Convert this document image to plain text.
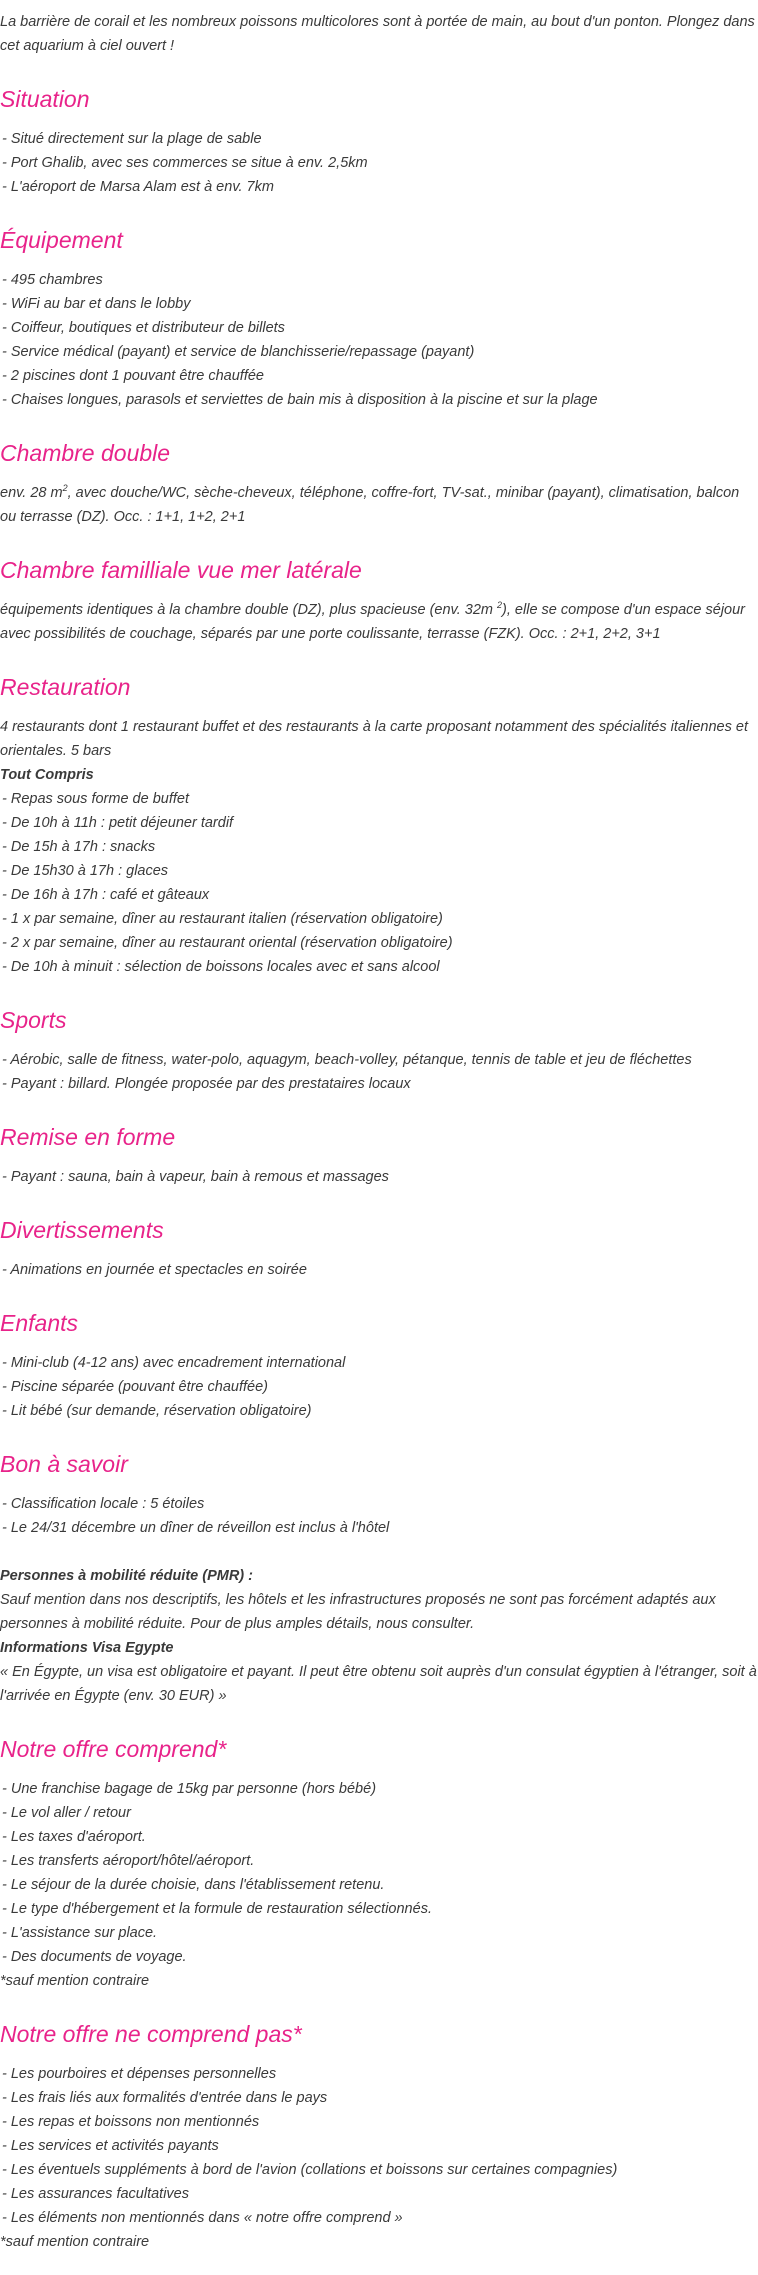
La barrière de corail et les nombreux poissons multicolores sont à portée de main, au bout d'un ponton. Plongez dans cet aquarium à ciel ouvert !

Situation

- Situé directement sur la plage de sable

- Port Ghalib, avec ses commerces se situe à env. 2,5km

- L'aéroport de Marsa Alam est à env. 7km

Équipement

- 495 chambres

- WiFi au bar et dans le lobby

- Coiffeur, boutiques et distributeur de billets

- Service médical (payant) et service de blanchisserie/repassage (payant)

- 2 piscines dont 1 pouvant être chauffée

- Chaises longues, parasols et serviettes de bain mis à disposition à la piscine et sur la plage

Chambre double

env. 28 $m^2$, avec douche/WC, sèche-cheveux, téléphone, coffre-fort, TV-sat., minibar (payant), climatisation, balcon ou terrasse (DZ). Occ. : 1+1, 1+2, 2+1

Chambre familliale vue mer latérale

équipements identiques à la chambre double (DZ), plus spacieuse (env. 32m $^2$), elle se compose d'un espace séjour avec possibilités de couchage, séparés par une porte coulissante, terrasse (FZK). Occ. : 2+1, 2+2, 3+1

Restauration

4 restaurants dont 1 restaurant buffet et des restaurants à la carte proposant notamment des spécialités italiennes et orientales. 5 bars

Tout Compris

- Repas sous forme de buffet

- De 10h à 11h : petit déjeuner tardif

- De 15h à 17h : snacks

- De 15h30 à 17h : glaces

- De 16h à 17h : café et gâteaux

- 1 x par semaine, dîner au restaurant italien (réservation obligatoire)

- 2 x par semaine, dîner au restaurant oriental (réservation obligatoire)

- De 10h à minuit : sélection de boissons locales avec et sans alcool

Sports

- Aérobic, salle de fitness, water-polo, aquagym, beach-volley, pétanque, tennis de table et jeu de fléchettes

- Payant : billard. Plongée proposée par des prestataires locaux

Remise en forme

- Payant : sauna, bain à vapeur, bain à remous et massages

Divertissements

- Animations en journée et spectacles en soirée

Enfants

- Mini-club (4-12 ans) avec encadrement international

- Piscine séparée (pouvant être chauffée)

- Lit bébé (sur demande, réservation obligatoire)

Bon à savoir

- Classification locale : 5 étoiles

- Le 24/31 décembre un dîner de réveillon est inclus à l'hôtel

Personnes à mobilité réduite (PMR) :

Sauf mention dans nos descriptifs, les hôtels et les infrastructures proposés ne sont pas forcément adaptés aux personnes à mobilité réduite. Pour de plus amples détails, nous consulter.

Informations Visa Egypte

« En Égypte, un visa est obligatoire et payant. Il peut être obtenu soit auprès d'un consulat égyptien à l'étranger, soit à l'arrivée en Égypte (env. 30 EUR) »

Notre offre comprend*

- Une franchise bagage de 15kg par personne (hors bébé)

- Le vol aller / retour

- Les taxes d'aéroport.

- Les transferts aéroport/hôtel/aéroport.

- Le séjour de la durée choisie, dans l'établissement retenu.

- Le type d'hébergement et la formule de restauration sélectionnés.

- L'assistance sur place.

- Des documents de voyage.

*sauf mention contraire

Notre offre ne comprend pas*

- Les pourboires et dépenses personnelles

- Les frais liés aux formalités d'entrée dans le pays

- Les repas et boissons non mentionnés

- Les services et activités payants

- Les éventuels suppléments à bord de l'avion (collations et boissons sur certaines compagnies)

- Les assurances facultatives

- Les éléments non mentionnés dans « notre offre comprend »

*sauf mention contraire
